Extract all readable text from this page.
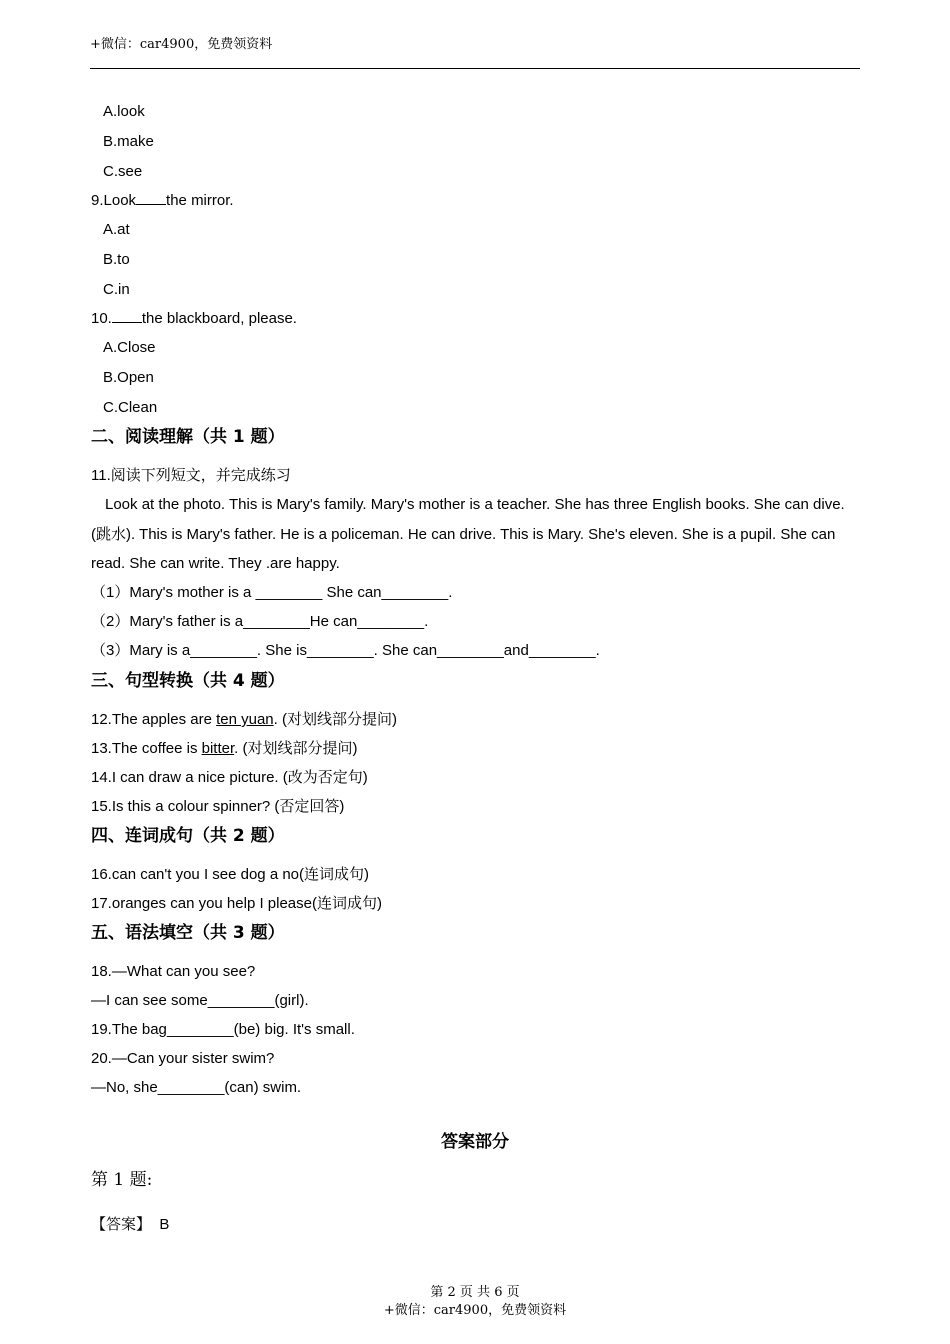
+微信：car4900，免费领资料
A.look
B.make
C.see
9.Look the mirror.
A.at
B.to
C.in
10. the blackboard, please.
A.Close
B.Open
C.Clean
二、阅读理解（共 1 题）
11.阅读下列短文，并完成练习
Look at the photo. This is Mary's family. Mary's mother is a teacher. She has three English books. She can dive.(跳水). This is Mary's father. He is a policeman. He can drive. This is Mary. She's eleven. She is a pupil. She can read. She can write. They .are happy.
（1）Mary's mother is a ________ She can________.
（2）Mary's father is a________He can________.
（3）Mary is a________. She is________. She can________and________.
三、句型转换（共 4 题）
12.The apples are ten yuan. (对划线部分提问)
13.The coffee is bitter. (对划线部分提问)
14.I can draw a nice picture. (改为否定句)
15.Is this a colour spinner? (否定回答)
四、连词成句（共 2 题）
16.can can't you I see dog a no(连词成句)
17.oranges can you help I please(连词成句)
五、语法填空（共 3 题）
18.—What can you see?
—I can see some________(girl).
19.The bag________(be) big. It's small.
20.—Can your sister swim?
—No, she________(can) swim.
答案部分
第 1 题:
【答案】 B
第 2 页 共 6 页
+微信：car4900，免费领资料
